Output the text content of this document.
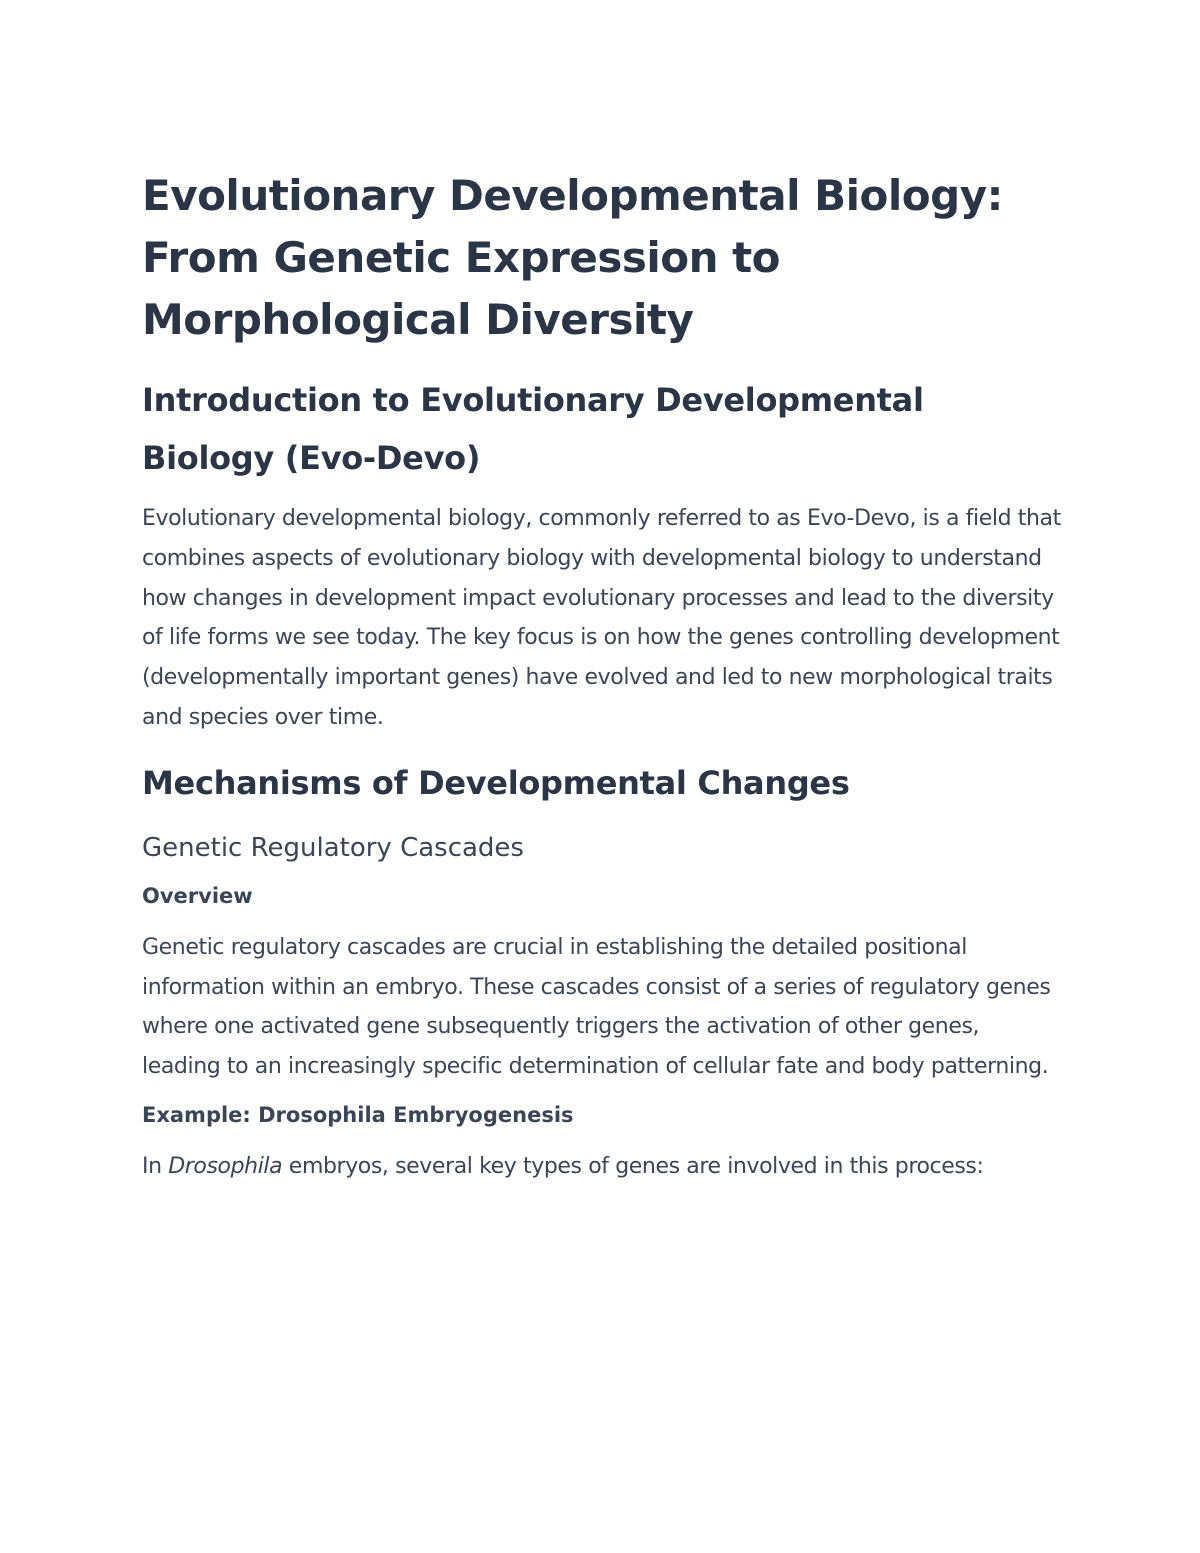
Evolutionary Developmental Biology: From Genetic Expression to Morphological Diversity
Introduction to Evolutionary Developmental Biology (Evo-Devo)

Evolutionary developmental biology, commonly referred to as Evo-Devo, is a field that combines aspects of evolutionary biology with developmental biology to understand how changes in development impact evolutionary processes and lead to the diversity of life forms we see today. The key focus is on how the genes controlling development (developmentally important genes) have evolved and led to new morphological traits and species over time.

Mechanisms of Developmental Changes
Genetic Regulatory Cascades
Overview

Genetic regulatory cascades are crucial in establishing the detailed positional information within an embryo. These cascades consist of a series of regulatory genes where one activated gene subsequently triggers the activation of other genes, leading to an increasingly specific determination of cellular fate and body patterning.

Example: Drosophila Embryogenesis

In Drosophila embryos, several key types of genes are involved in this process:
